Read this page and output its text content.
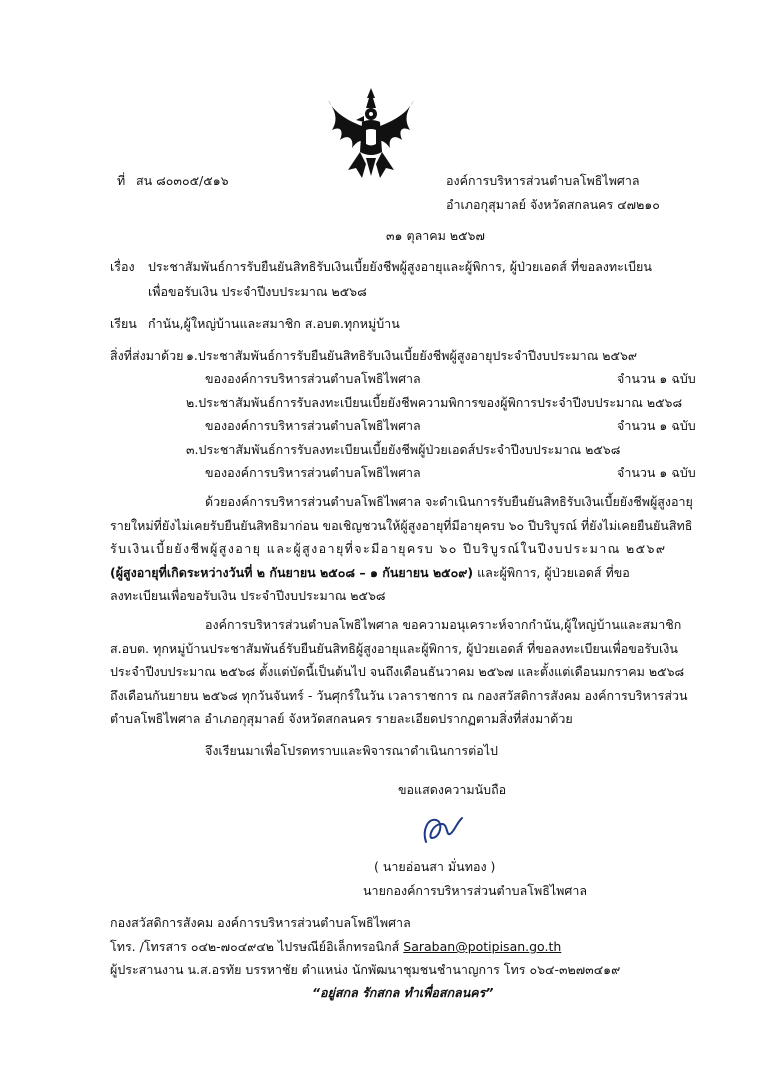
ที่ สน ๘๐๓๐๕/๕๑๖	องค์การบริหารส่วนตำบลโพธิไพศาล
อำเภอกุสุมาลย์ จังหวัดสกลนคร ๔๗๒๑๐
๓๑ ตุลาคม ๒๕๖๗
เรื่อง ประชาสัมพันธ์การรับยืนยันสิทธิรับเงินเบี้ยยังชีพผู้สูงอายุและผู้พิการ, ผู้ป่วยเอดส์ ที่ขอลงทะเบียน
เพื่อขอรับเงิน ประจำปีงบประมาณ ๒๕๖๘
เรียน กำนัน,ผู้ใหญ่บ้านและสมาชิก ส.อบต.ทุกหมู่บ้าน
สิ่งที่ส่งมาด้วย ๑.ประชาสัมพันธ์การรับยืนยันสิทธิรับเงินเบี้ยยังชีพผู้สูงอายุประจำปีงบประมาณ ๒๕๖๙
ขององค์การบริหารส่วนตำบลโพธิไพศาล	จำนวน ๑ ฉบับ
๒.ประชาสัมพันธ์การรับลงทะเบียนเบี้ยยังชีพความพิการของผู้พิการประจำปีงบประมาณ ๒๕๖๘
ขององค์การบริหารส่วนตำบลโพธิไพศาล	จำนวน ๑ ฉบับ
๓.ประชาสัมพันธ์การรับลงทะเบียนเบี้ยยังชีพผู้ป่วยเอดส์ประจำปีงบประมาณ ๒๕๖๘
ขององค์การบริหารส่วนตำบลโพธิไพศาล	จำนวน ๑ ฉบับ
ด้วยองค์การบริหารส่วนตำบลโพธิไพศาล จะดำเนินการรับยืนยันสิทธิรับเงินเบี้ยยังชีพผู้สูงอายุ
รายใหม่ที่ยังไม่เคยรับยืนยันสิทธิมาก่อน ขอเชิญชวนให้ผู้สูงอายุที่มีอายุครบ ๖๐ ปีบริบูรณ์ ที่ยังไม่เคยยืนยันสิทธิ
รับเงินเบี้ยยังชีพผู้สูงอายุ และผู้สูงอายุที่จะมีอายุครบ ๖๐ ปีบริบูรณ์ในปีงบประมาณ ๒๕๖๙
(ผู้สูงอายุที่เกิดระหว่างวันที่ ๒ กันยายน ๒๕๐๘ – ๑ กันยายน ๒๕๐๙) และผู้พิการ, ผู้ป่วยเอดส์ ที่ขอ
ลงทะเบียนเพื่อขอรับเงิน ประจำปีงบประมาณ ๒๕๖๘
องค์การบริหารส่วนตำบลโพธิไพศาล ขอความอนุเคราะห์จากกำนัน,ผู้ใหญ่บ้านและสมาชิก
ส.อบต. ทุกหมู่บ้านประชาสัมพันธ์รับยืนยันสิทธิผู้สูงอายุและผู้พิการ, ผู้ป่วยเอดส์ ที่ขอลงทะเบียนเพื่อขอรับเงิน
ประจำปีงบประมาณ ๒๕๖๘ ตั้งแต่บัดนี้เป็นต้นไป จนถึงเดือนธันวาคม ๒๕๖๗ และตั้งแต่เดือนมกราคม ๒๕๖๘
ถึงเดือนกันยายน ๒๕๖๘ ทุกวันจันทร์ - วันศุกร์ในวัน เวลาราชการ ณ กองสวัสดิการสังคม องค์การบริหารส่วน
ตำบลโพธิไพศาล อำเภอกุสุมาลย์ จังหวัดสกลนคร รายละเอียดปรากฏตามสิ่งที่ส่งมาด้วย
จึงเรียนมาเพื่อโปรดทราบและพิจารณาดำเนินการต่อไป
ขอแสดงความนับถือ
( นายอ่อนสา มั่นทอง )
นายกองค์การบริหารส่วนตำบลโพธิไพศาล
กองสวัสดิการสังคม องค์การบริหารส่วนตำบลโพธิไพศาล
โทร. /โทรสาร ๐๔๒-๗๐๔๙๔๒ ไปรษณีย์อิเล็กทรอนิกส์ Saraban@potipisan.go.th
ผู้ประสานงาน น.ส.อรทัย บรรหาชัย ตำแหน่ง นักพัฒนาชุมชนชำนาญการ โทร ๐๖๔-๓๒๗๓๔๑๙
“อยู่สกล รักสกล ทำเพื่อสกลนคร”
